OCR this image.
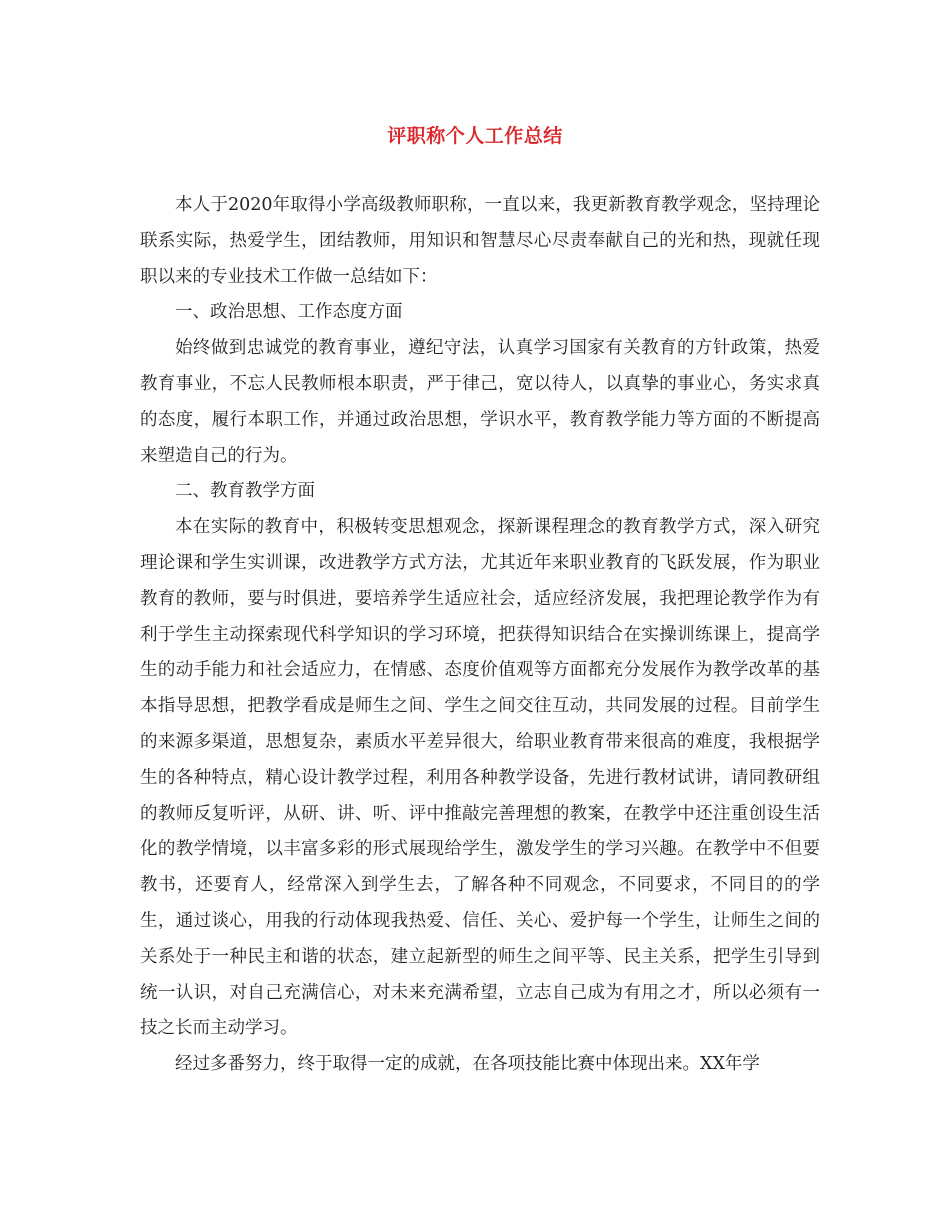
评职称个人工作总结

本人于2020年取得小学高级教师职称，一直以来，我更新教育教学观念，坚持理论联系实际，热爱学生，团结教师，用知识和智慧尽心尽责奉献自己的光和热，现就任现职以来的专业技术工作做一总结如下：

一、政治思想、工作态度方面

始终做到忠诚党的教育事业，遵纪守法，认真学习国家有关教育的方针政策，热爱教育事业，不忘人民教师根本职责，严于律己，宽以待人，以真挚的事业心，务实求真的态度，履行本职工作，并通过政治思想，学识水平，教育教学能力等方面的不断提高来塑造自己的行为。

二、教育教学方面

本在实际的教育中，积极转变思想观念，探新课程理念的教育教学方式，深入研究理论课和学生实训课，改进教学方式方法，尤其近年来职业教育的飞跃发展，作为职业教育的教师，要与时俱进，要培养学生适应社会，适应经济发展，我把理论教学作为有利于学生主动探索现代科学知识的学习环境，把获得知识结合在实操训练课上，提高学生的动手能力和社会适应力，在情感、态度价值观等方面都充分发展作为教学改革的基本指导思想，把教学看成是师生之间、学生之间交往互动，共同发展的过程。目前学生的来源多渠道，思想复杂，素质水平差异很大，给职业教育带来很高的难度，我根据学生的各种特点，精心设计教学过程，利用各种教学设备，先进行教材试讲，请同教研组的教师反复听评，从研、讲、听、评中推敲完善理想的教案，在教学中还注重创设生活化的教学情境，以丰富多彩的形式展现给学生，激发学生的学习兴趣。在教学中不但要教书，还要育人，经常深入到学生去，了解各种不同观念，不同要求，不同目的的学生，通过谈心，用我的行动体现我热爱、信任、关心、爱护每一个学生，让师生之间的关系处于一种民主和谐的状态，建立起新型的师生之间平等、民主关系，把学生引导到统一认识，对自己充满信心，对未来充满希望，立志自己成为有用之才，所以必须有一技之长而主动学习。

经过多番努力，终于取得一定的成就，在各项技能比赛中体现出来。XX年学
